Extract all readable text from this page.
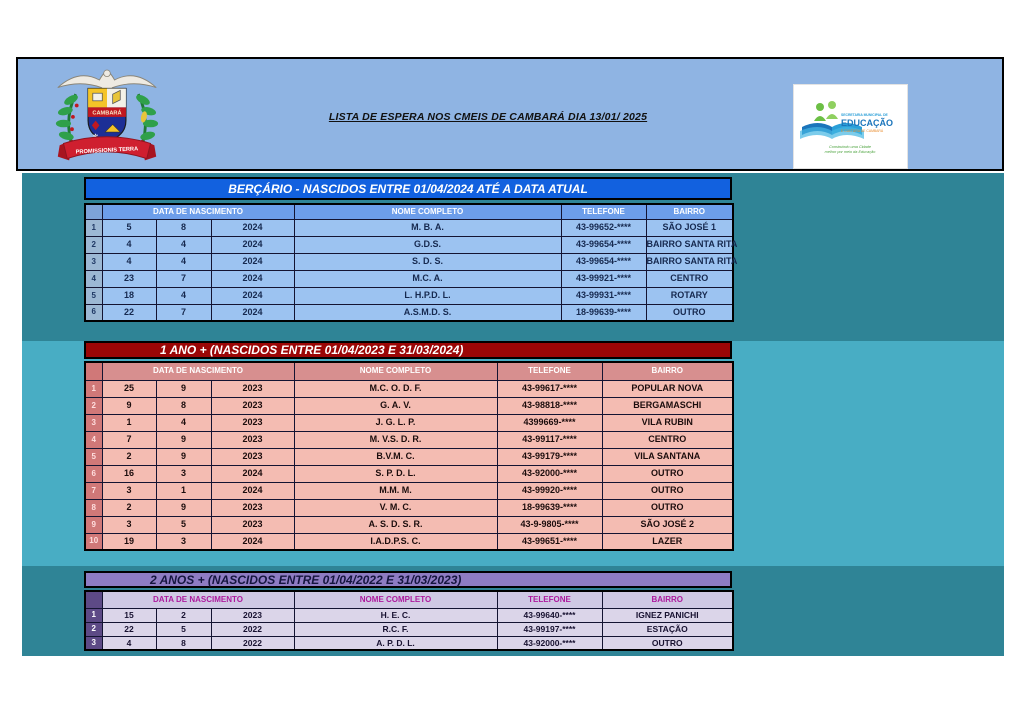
CAMBARÁ
PROMISSIONIS TERRA
LISTA DE ESPERA NOS CMEIS DE CAMBARÁ DIA 13/01/ 2025	SECRETARIA MUNICIPAL DE
EDUCAÇÃO
E CULTURA DE CAMBARÁ
Construindo uma Cidade
melhor por meio da Educação
BERÇÁRIO - NASCIDOS ENTRE 01/04/2024 ATÉ A DATA ATUAL
	DATA DE NASCIMENTO			NOME COMPLETO	TELEFONE	BAIRRO
1	5	8	2024	M. B. A.	43-99652-****	SÃO JOSÉ 1
2	4	4	2024	G.D.S.	43-99654-****	BAIRRO SANTA RITA
3	4	4	2024	S. D. S.	43-99654-****	BAIRRO SANTA RITA
4	23	7	2024	M.C. A.	43-99921-****	CENTRO
5	18	4	2024	L. H.P.D. L.	43-99931-****	ROTARY
6	22	7	2024	A.S.M.D. S.	18-99639-****	OUTRO
1 ANO + (NASCIDOS ENTRE 01/04/2023 E 31/03/2024)
	DATA DE NASCIMENTO			NOME COMPLETO	TELEFONE	BAIRRO
1	25	9	2023	M.C. O. D. F.	43-99617-****	POPULAR NOVA
2	9	8	2023	G. A. V.	43-98818-****	BERGAMASCHI
3	1	4	2023	J. G. L. P.	4399669-****	VILA RUBIN
4	7	9	2023	M. V.S. D. R.	43-99117-****	CENTRO
5	2	9	2023	B.V.M. C.	43-99179-****	VILA SANTANA
6	16	3	2024	S. P. D. L.	43-92000-****	OUTRO
7	3	1	2024	M.M. M.	43-99920-****	OUTRO
8	2	9	2023	V. M. C.	18-99639-****	OUTRO
9	3	5	2023	A. S. D. S. R.	43-9-9805-****	SÃO JOSÉ 2
10	19	3	2024	I.A.D.P.S. C.	43-99651-****	LAZER
2 ANOS + (NASCIDOS ENTRE 01/04/2022 E 31/03/2023)
	DATA DE NASCIMENTO			NOME COMPLETO	TELEFONE	BAIRRO
1	15	2	2023	H. E. C.	43-99640-****	IGNEZ PANICHI
2	22	5	2022	R.C. F.	43-99197-****	ESTAÇÃO
3	4	8	2022	A. P. D. L.	43-92000-****	OUTRO
